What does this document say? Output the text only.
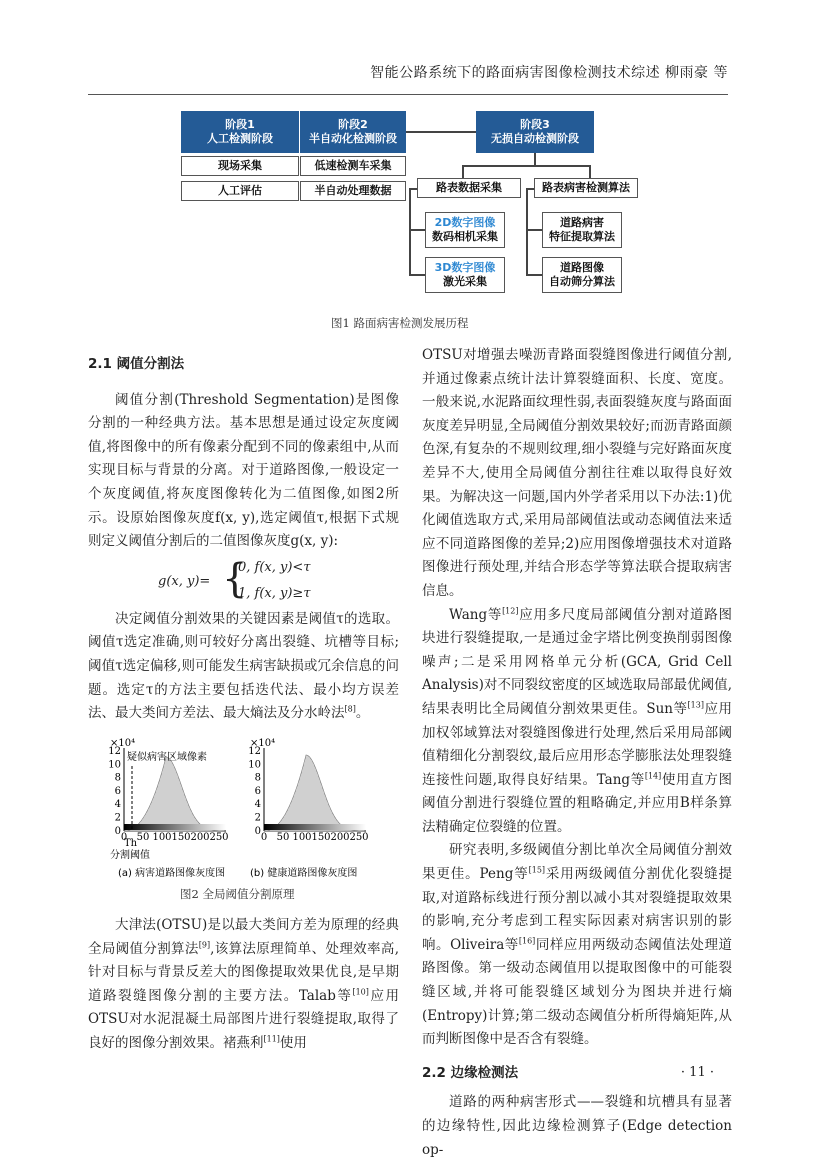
智能公路系统下的路面病害图像检测技术综述 柳雨豪 等
阶段1
人工检测阶段
阶段2
半自动化检测阶段
阶段3
无损自动检测阶段
现场采集
人工评估
低速检测车采集
半自动处理数据	路表数据采集	路表病害检测算法
2D数字图像
数码相机采集
3D数字图像
激光采集
道路病害
特征提取算法
道路图像
自动筛分算法
图1 路面病害检测发展历程

2.1 阈值分割法

阈值分割(Threshold Segmentation)是图像分割的一种经典方法。基本思想是通过设定灰度阈值,将图像中的所有像素分配到不同的像素组中,从而实现目标与背景的分离。对于道路图像,一般设定一个灰度阈值,将灰度图像转化为二值图像,如图2所示。设原始图像灰度f(x, y),选定阈值τ,根据下式规则定义阈值分割后的二值图像灰度g(x, y):

g(x, y)= {
0, f(x, y)<τ
1, f(x, y)≥τ

决定阈值分割效果的关键因素是阈值τ的选取。阈值τ选定准确,则可较好分离出裂缝、坑槽等目标;阈值τ选定偏移,则可能发生病害缺损或冗余信息的问题。选定τ的方法主要包括迭代法、最小均方误差法、最大类间方差法、最大熵法及分水岭法[8]。

×10⁴
12
10
8
6
4
2
0
0 50 100 150 200 250
疑似病害区域像素
Th
分割阈值
(a) 病害道路图像灰度图
×10⁴
12
10
8
6
4
2
0
0 50 100 150 200 250
(b) 健康道路图像灰度图
图2 全局阈值分割原理

大津法(OTSU)是以最大类间方差为原理的经典全局阈值分割算法[9],该算法原理简单、处理效率高,针对目标与背景反差大的图像提取效果优良,是早期道路裂缝图像分割的主要方法。Talab等[10]应用OTSU对水泥混凝土局部图片进行裂缝提取,取得了良好的图像分割效果。褚燕利[11]使用

OTSU对增强去噪沥青路面裂缝图像进行阈值分割,并通过像素点统计法计算裂缝面积、长度、宽度。一般来说,水泥路面纹理性弱,表面裂缝灰度与路面面灰度差异明显,全局阈值分割效果较好;而沥青路面颜色深,有复杂的不规则纹理,细小裂缝与完好路面灰度差异不大,使用全局阈值分割往往难以取得良好效果。为解决这一问题,国内外学者采用以下办法:1)优化阈值选取方式,采用局部阈值法或动态阈值法来适应不同道路图像的差异;2)应用图像增强技术对道路图像进行预处理,并结合形态学等算法联合提取病害信息。

Wang等[12]应用多尺度局部阈值分割对道路图块进行裂缝提取,一是通过金字塔比例变换削弱图像噪声;二是采用网格单元分析(GCA, Grid Cell Analysis)对不同裂纹密度的区域选取局部最优阈值,结果表明比全局阈值分割效果更佳。Sun等[13]应用加权邻域算法对裂缝图像进行处理,然后采用局部阈值精细化分割裂纹,最后应用形态学膨胀法处理裂缝连接性问题,取得良好结果。Tang等[14]使用直方图阈值分割进行裂缝位置的粗略确定,并应用B样条算法精确定位裂缝的位置。

研究表明,多级阈值分割比单次全局阈值分割效果更佳。Peng等[15]采用两级阈值分割优化裂缝提取,对道路标线进行预分割以减小其对裂缝提取效果的影响,充分考虑到工程实际因素对病害识别的影响。Oliveira等[16]同样应用两级动态阈值法处理道路图像。第一级动态阈值用以提取图像中的可能裂缝区域,并将可能裂缝区域划分为图块并进行熵(Entropy)计算;第二级动态阈值分析所得熵矩阵,从而判断图像中是否含有裂缝。

2.2 边缘检测法

道路的两种病害形式——裂缝和坑槽具有显著的边缘特性,因此边缘检测算子(Edge detection op-

· 11 ·
